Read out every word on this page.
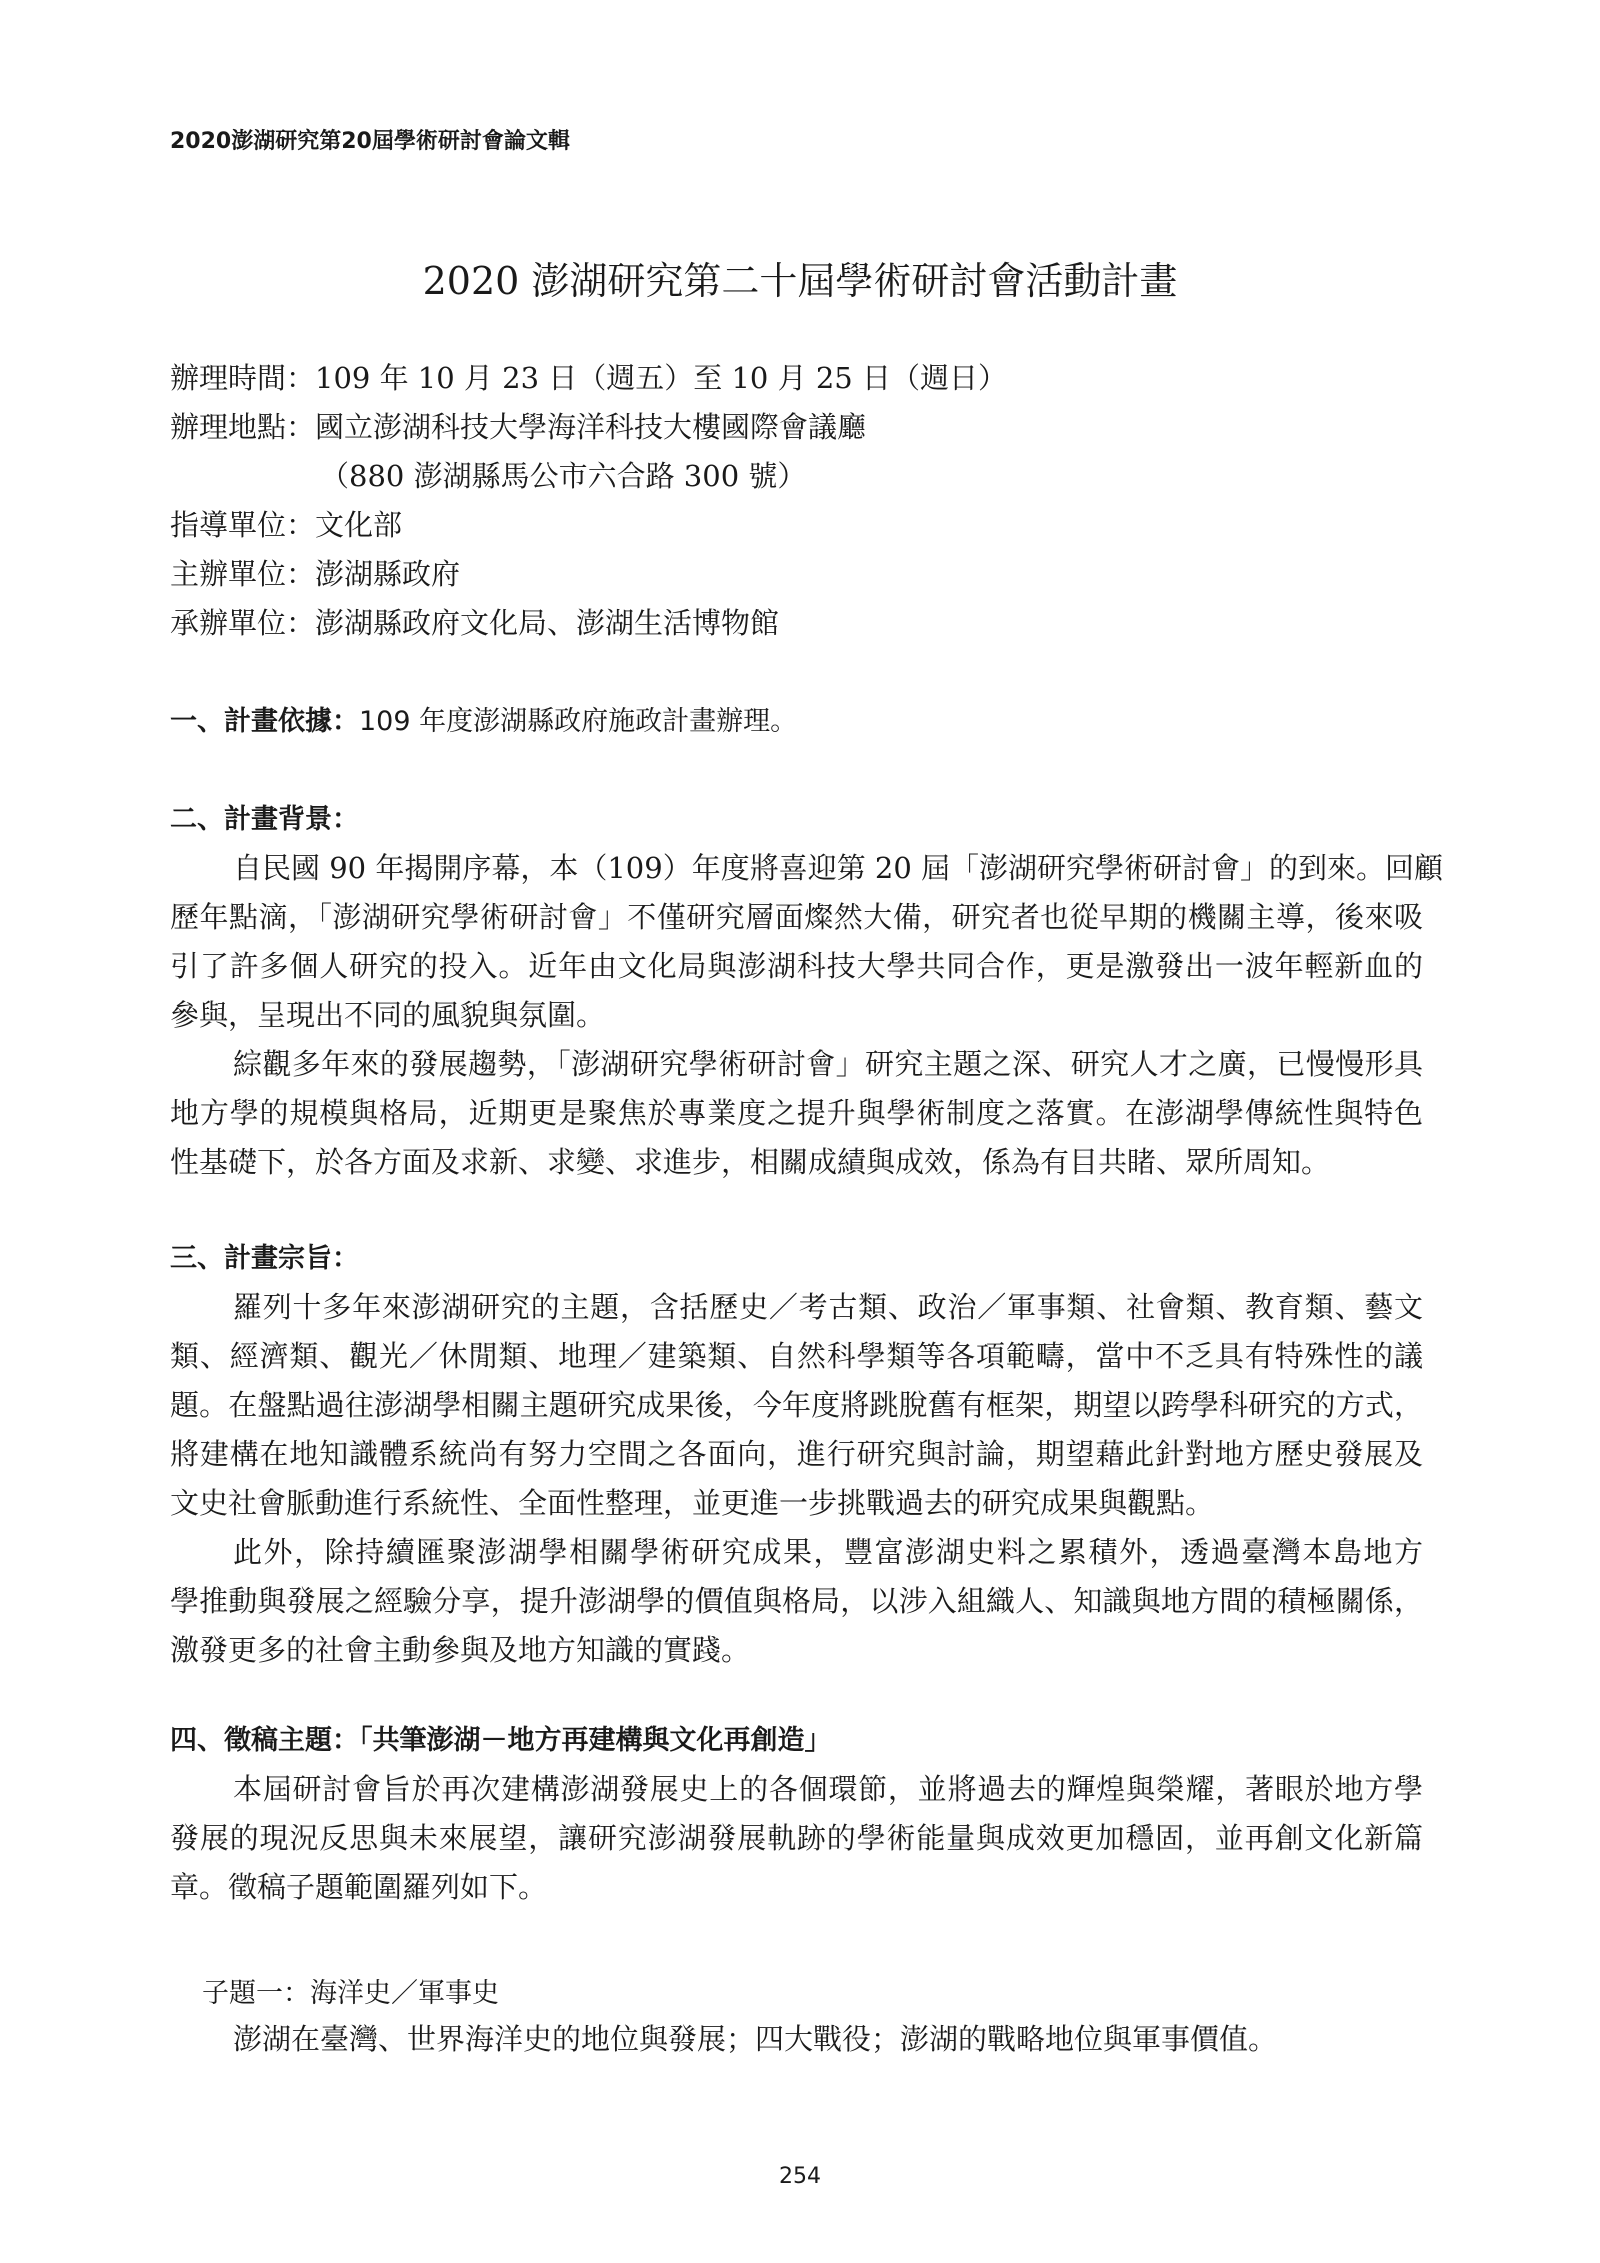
2020澎湖研究第20屆學術研討會論文輯
2020 澎湖研究第二十屆學術研討會活動計畫
辦理時間：109 年 10 月 23 日（週五）至 10 月 25 日（週日）
辦理地點：國立澎湖科技大學海洋科技大樓國際會議廳
（880 澎湖縣馬公市六合路 300 號）
指導單位：文化部
主辦單位：澎湖縣政府
承辦單位：澎湖縣政府文化局、澎湖生活博物館
一、計畫依據：109 年度澎湖縣政府施政計畫辦理。
二、計畫背景：
自民國 90 年揭開序幕，本（109）年度將喜迎第 20 屆「澎湖研究學術研討會」的到來。回顧
歷年點滴，「澎湖研究學術研討會」不僅研究層面燦然大備，研究者也從早期的機關主導，後來吸
引了許多個人研究的投入。近年由文化局與澎湖科技大學共同合作，更是激發出一波年輕新血的
參與，呈現出不同的風貌與氛圍。
綜觀多年來的發展趨勢，「澎湖研究學術研討會」研究主題之深、研究人才之廣，已慢慢形具
地方學的規模與格局，近期更是聚焦於專業度之提升與學術制度之落實。在澎湖學傳統性與特色
性基礎下，於各方面及求新、求變、求進步，相關成績與成效，係為有目共睹、眾所周知。
三、計畫宗旨：
羅列十多年來澎湖研究的主題，含括歷史／考古類、政治／軍事類、社會類、教育類、藝文
類、經濟類、觀光／休閒類、地理／建築類、自然科學類等各項範疇，當中不乏具有特殊性的議
題。在盤點過往澎湖學相關主題研究成果後，今年度將跳脫舊有框架，期望以跨學科研究的方式，
將建構在地知識體系統尚有努力空間之各面向，進行研究與討論，期望藉此針對地方歷史發展及
文史社會脈動進行系統性、全面性整理，並更進一步挑戰過去的研究成果與觀點。
此外，除持續匯聚澎湖學相關學術研究成果，豐富澎湖史料之累積外，透過臺灣本島地方
學推動與發展之經驗分享，提升澎湖學的價值與格局，以涉入組織人、知識與地方間的積極關係，
激發更多的社會主動參與及地方知識的實踐。
四、徵稿主題：「共筆澎湖－地方再建構與文化再創造」
本屆研討會旨於再次建構澎湖發展史上的各個環節，並將過去的輝煌與榮耀，著眼於地方學
發展的現況反思與未來展望，讓研究澎湖發展軌跡的學術能量與成效更加穩固，並再創文化新篇
章。徵稿子題範圍羅列如下。
子題一：海洋史／軍事史
澎湖在臺灣、世界海洋史的地位與發展；四大戰役；澎湖的戰略地位與軍事價值。
254
